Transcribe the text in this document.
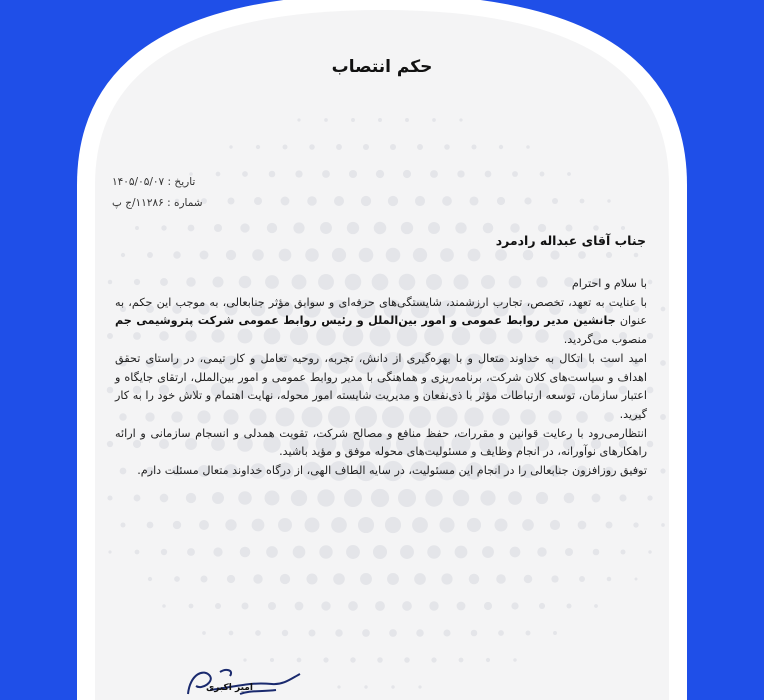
حکم انتصاب
تاریخ : ۱۴۰۵/۰۵/۰۷
شماره : ۱۱۲۸۶/ج پ
جناب آقای عبداله رادمرد

با سلام و احترام

با عنایت به تعهد، تخصص، تجارب ارزشمند، شایستگی‌های حرفه‌ای و سوابق مؤثر جنابعالی، به موجب این حکم، به عنوان جانشین مدیر روابط عمومی و امور بین‌الملل و رئیس روابط عمومی شرکت پتروشیمی جم منصوب می‌گردید.

امید است با اتکال به خداوند متعال و با بهره‌گیری از دانش، تجربه، روحیه تعامل و کار تیمی، در راستای تحقق اهداف و سیاست‌های کلان شرکت، برنامه‌ریزی و هماهنگی با مدیر روابط عمومی و امور بین‌الملل، ارتقای جایگاه و اعتبار سازمان، توسعه ارتباطات مؤثر با ذی‌نفعان و مدیریت شایسته امور محوله، نهایت اهتمام و تلاش خود را به کار گیرید.

انتظارمی‌رود با رعایت قوانین و مقررات، حفظ منافع و مصالح شرکت، تقویت همدلی و انسجام سازمانی و ارائه راهکارهای نوآورانه، در انجام وظایف و مسئولیت‌های محوله موفق و مؤید باشید.

توفیق روزافزون جنابعالی را در انجام این مسئولیت، در سایه الطاف الهی، از درگاه خداوند متعال مسئلت دارم.

امیر اکبری
